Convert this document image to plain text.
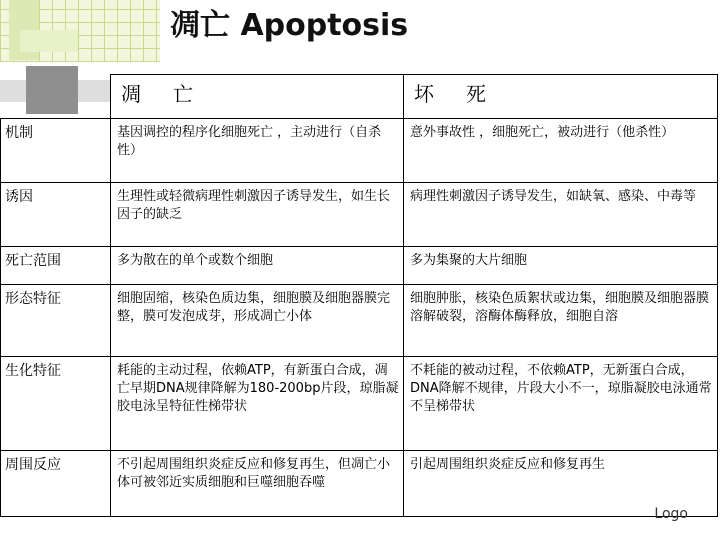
凋亡 Apoptosis
	凋　亡	坏　死
机制	基因调控的程序化细胞死亡 ，主动进行（自杀性）	意外事故性 ，细胞死亡，被动进行（他杀性）
诱因	生理性或轻微病理性刺激因子诱导发生，如生长因子的缺乏	病理性刺激因子诱导发生，如缺氧、感染、中毒等
死亡范围	多为散在的单个或数个细胞	多为集聚的大片细胞
形态特征	细胞固缩，核染色质边集，细胞膜及细胞器膜完整，膜可发泡成芽，形成凋亡小体	细胞肿胀，核染色质絮状或边集，细胞膜及细胞器膜溶解破裂，溶酶体酶释放，细胞自溶
生化特征	耗能的主动过程，依赖ATP，有新蛋白合成，凋亡早期DNA规律降解为180-200bp片段，琼脂凝胶电泳呈特征性梯带状	不耗能的被动过程，不依赖ATP，无新蛋白合成，DNA降解不规律，片段大小不一，琼脂凝胶电泳通常不呈梯带状
周围反应	不引起周围组织炎症反应和修复再生，但凋亡小体可被邻近实质细胞和巨噬细胞吞噬	引起周围组织炎症反应和修复再生
Logo
